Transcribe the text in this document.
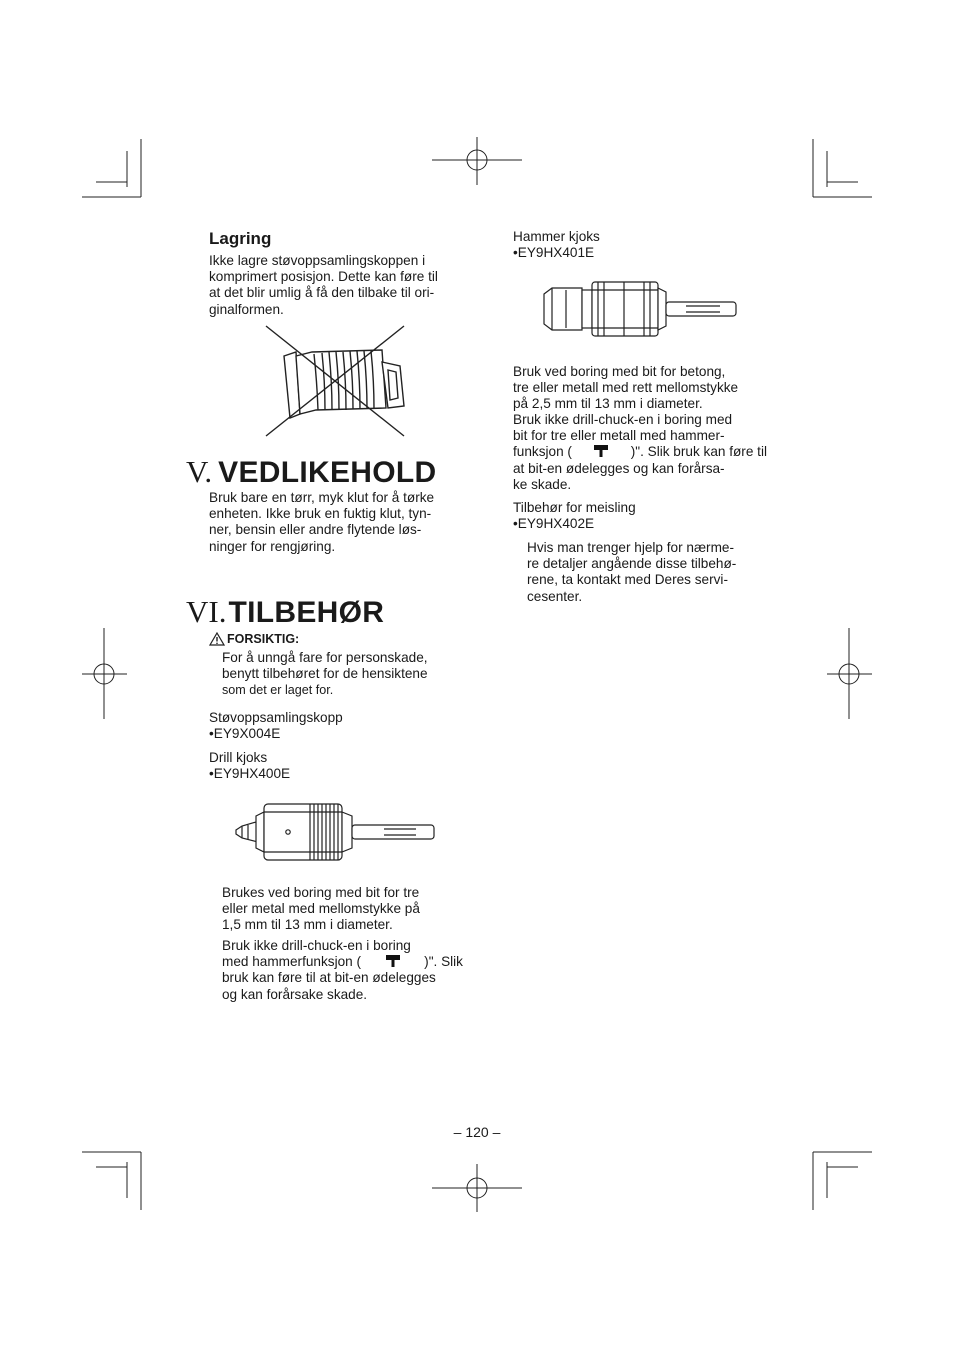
Lagring

Ikke lagre støvoppsamlingskoppen i
komprimert posisjon. Dette kan føre til
at det blir umlig å få den tilbake til ori-
ginalformen.
V. VEDLIKEHOLD
Bruk bare en tørr, myk klut for å tørke
enheten. Ikke bruk en fuktig klut, tyn-
ner, bensin eller andre flytende løs-
ninger for rengjøring.
VI. TILBEHØR
FORSIKTIG:
For å unngå fare for personskade,
benytt tilbehøret for de hensiktene
som det er laget for.
Støvoppsamlingskopp
•EY9X004E
Drill kjoks
•EY9HX400E
Brukes ved boring med bit for tre
eller metal med mellomstykke på
1,5 mm til 13 mm i diameter.
Bruk ikke drill-chuck-en i boring
med hammerfunksjon (	)". Slik
bruk kan føre til at bit-en ødelegges
og kan forårsake skade.
Hammer kjoks
•EY9HX401E
Bruk ved boring med bit for betong,
tre eller metall med rett mellomstykke
på 2,5 mm til 13 mm i diameter.
Bruk ikke drill-chuck-en i boring med
bit for tre eller metall med hammer-
funksjon (	)". Slik bruk kan føre til
at bit-en ødelegges og kan forårsa-
ke skade.
Tilbehør for meisling
•EY9HX402E
Hvis man trenger hjelp for nærme-
re detaljer angående disse tilbehø-
rene, ta kontakt med Deres servi-
cesenter.
– 120 –
